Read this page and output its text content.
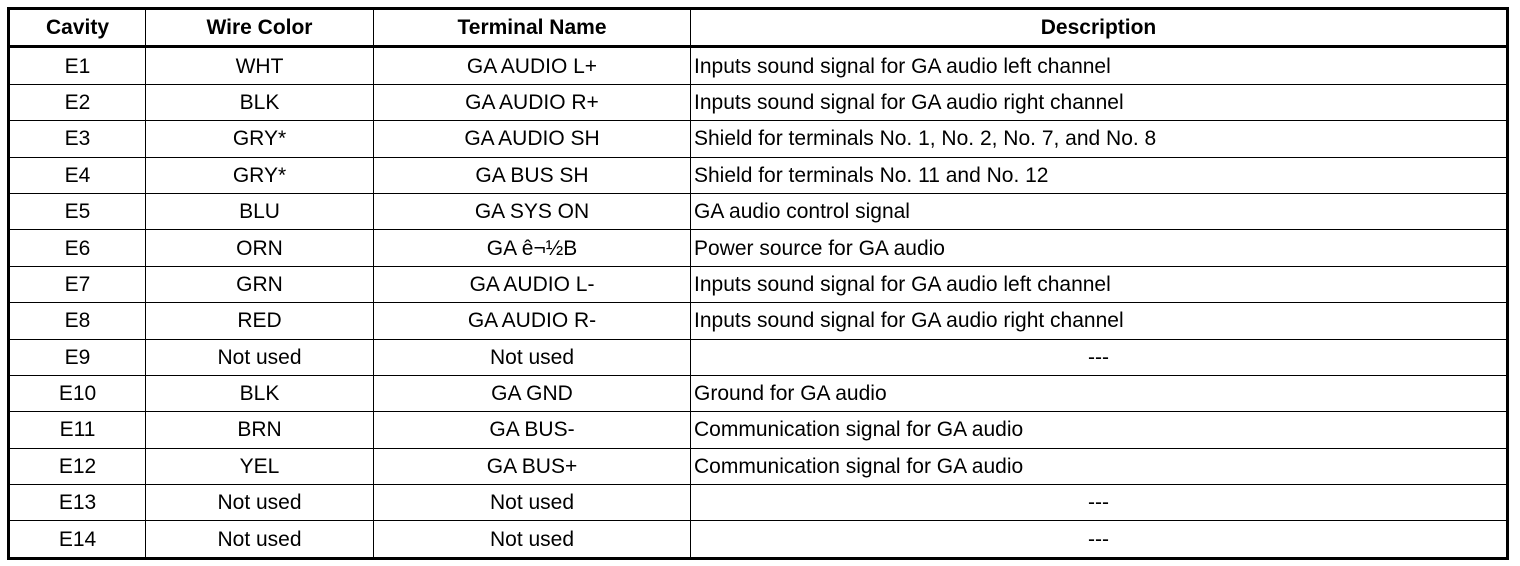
Cavity	Wire Color	Terminal Name	Description
E1	WHT	GA AUDIO L+	Inputs sound signal for GA audio left channel
E2	BLK	GA AUDIO R+	Inputs sound signal for GA audio right channel
E3	GRY*	GA AUDIO SH	Shield for terminals No. 1, No. 2, No. 7, and No. 8
E4	GRY*	GA BUS SH	Shield for terminals No. 11 and No. 12
E5	BLU	GA SYS ON	GA audio control signal
E6	ORN	GA ê¬½B	Power source for GA audio
E7	GRN	GA AUDIO L-	Inputs sound signal for GA audio left channel
E8	RED	GA AUDIO R-	Inputs sound signal for GA audio right channel
E9	Not used	Not used	---
E10	BLK	GA GND	Ground for GA audio
E11	BRN	GA BUS-	Communication signal for GA audio
E12	YEL	GA BUS+	Communication signal for GA audio
E13	Not used	Not used	---
E14	Not used	Not used	---
